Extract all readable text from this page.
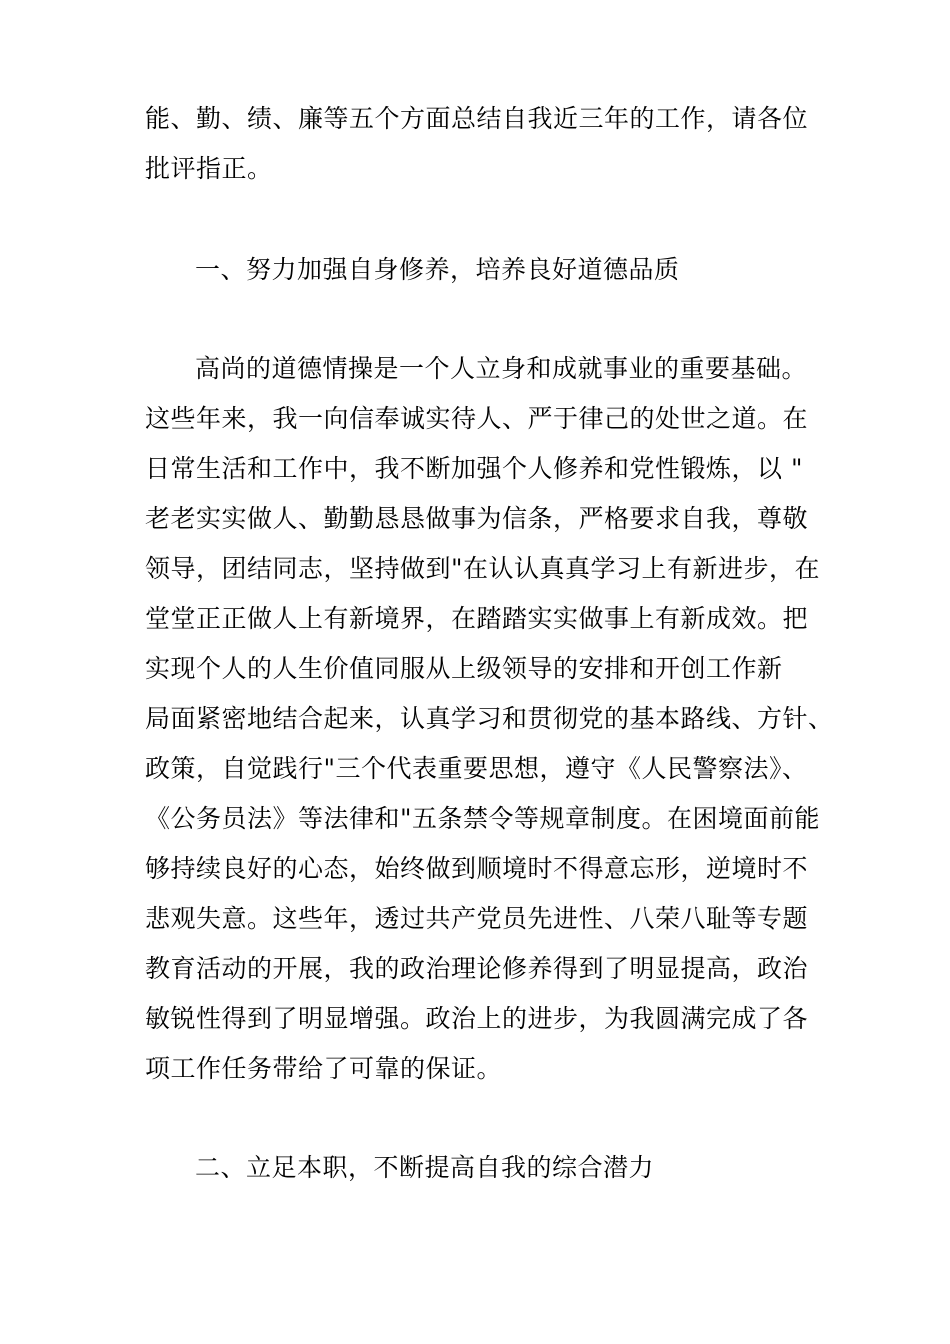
能、勤、绩、廉等五个方面总结自我近三年的工作，请各位
批评指正。
一、努力加强自身修养，培养良好道德品质
高尚的道德情操是一个人立身和成就事业的重要基础。
这些年来，我一向信奉诚实待人、严于律己的处世之道。在
日常生活和工作中，我不断加强个人修养和党性锻炼，以 "
老老实实做人、勤勤恳恳做事为信条，严格要求自我，尊敬
领导，团结同志，坚持做到"在认认真真学习上有新进步，在
堂堂正正做人上有新境界，在踏踏实实做事上有新成效。把
实现个人的人生价值同服从上级领导的安排和开创工作新
局面紧密地结合起来，认真学习和贯彻党的基本路线、方针、
政策，自觉践行"三个代表重要思想，遵守《人民警察法》、
《公务员法》等法律和"五条禁令等规章制度。在困境面前能
够持续良好的心态，始终做到顺境时不得意忘形，逆境时不
悲观失意。这些年，透过共产党员先进性、八荣八耻等专题
教育活动的开展，我的政治理论修养得到了明显提高，政治
敏锐性得到了明显增强。政治上的进步，为我圆满完成了各
项工作任务带给了可靠的保证。
二、立足本职，不断提高自我的综合潜力
